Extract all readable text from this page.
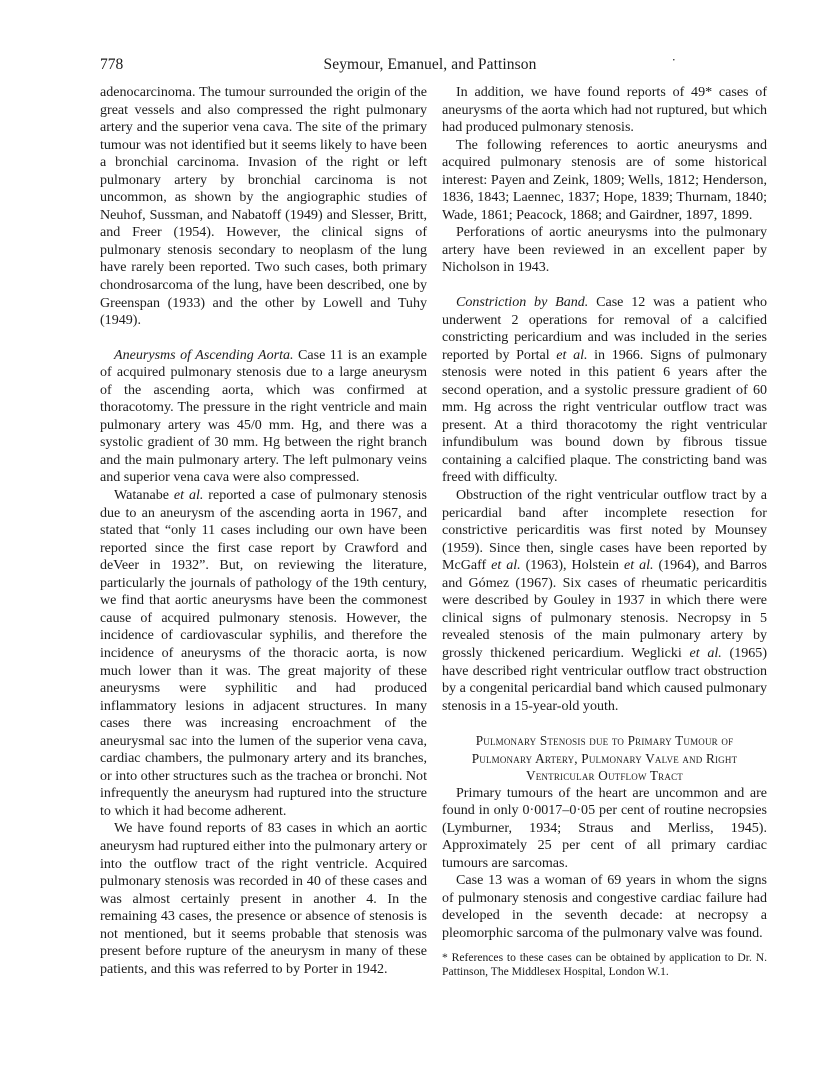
778	Seymour, Emanuel, and Pattinson	·

adenocarcinoma. The tumour surrounded the origin of the great vessels and also compressed the right pulmonary artery and the superior vena cava. The site of the primary tumour was not identified but it seems likely to have been a bronchial carcinoma. Invasion of the right or left pulmonary artery by bronchial carcinoma is not uncommon, as shown by the angiographic studies of Neuhof, Sussman, and Nabatoff (1949) and Slesser, Britt, and Freer (1954). However, the clinical signs of pulmonary stenosis secondary to neoplasm of the lung have rarely been reported. Two such cases, both primary chondrosarcoma of the lung, have been described, one by Greenspan (1933) and the other by Lowell and Tuhy (1949).

Aneurysms of Ascending Aorta. Case 11 is an example of acquired pulmonary stenosis due to a large aneurysm of the ascending aorta, which was confirmed at thoracotomy. The pressure in the right ventricle and main pulmonary artery was 45/0 mm. Hg, and there was a systolic gradient of 30 mm. Hg between the right branch and the main pulmonary artery. The left pulmonary veins and superior vena cava were also compressed.

Watanabe et al. reported a case of pulmonary stenosis due to an aneurysm of the ascending aorta in 1967, and stated that “only 11 cases including our own have been reported since the first case report by Crawford and deVeer in 1932”. But, on reviewing the literature, particularly the journals of pathology of the 19th century, we find that aortic aneurysms have been the commonest cause of acquired pulmonary stenosis. However, the incidence of cardiovascular syphilis, and therefore the incidence of aneurysms of the thoracic aorta, is now much lower than it was. The great majority of these aneurysms were syphilitic and had produced inflammatory lesions in adjacent structures. In many cases there was increasing encroachment of the aneurysmal sac into the lumen of the superior vena cava, cardiac chambers, the pulmonary artery and its branches, or into other structures such as the trachea or bronchi. Not infrequently the aneurysm had ruptured into the structure to which it had become adherent.

We have found reports of 83 cases in which an aortic aneurysm had ruptured either into the pulmonary artery or into the outflow tract of the right ventricle. Acquired pulmonary stenosis was recorded in 40 of these cases and was almost certainly present in another 4. In the remaining 43 cases, the presence or absence of stenosis is not mentioned, but it seems probable that stenosis was present before rupture of the aneurysm in many of these patients, and this was referred to by Porter in 1942.

In addition, we have found reports of 49* cases of aneurysms of the aorta which had not ruptured, but which had produced pulmonary stenosis.

The following references to aortic aneurysms and acquired pulmonary stenosis are of some historical interest: Payen and Zeink, 1809; Wells, 1812; Henderson, 1836, 1843; Laennec, 1837; Hope, 1839; Thurnam, 1840; Wade, 1861; Peacock, 1868; and Gairdner, 1897, 1899.

Perforations of aortic aneurysms into the pulmonary artery have been reviewed in an excellent paper by Nicholson in 1943.

Constriction by Band. Case 12 was a patient who underwent 2 operations for removal of a calcified constricting pericardium and was included in the series reported by Portal et al. in 1966. Signs of pulmonary stenosis were noted in this patient 6 years after the second operation, and a systolic pressure gradient of 60 mm. Hg across the right ventricular outflow tract was present. At a third thoracotomy the right ventricular infundibulum was bound down by fibrous tissue containing a calcified plaque. The constricting band was freed with difficulty.

Obstruction of the right ventricular outflow tract by a pericardial band after incomplete resection for constrictive pericarditis was first noted by Mounsey (1959). Since then, single cases have been reported by McGaff et al. (1963), Holstein et al. (1964), and Barros and Gómez (1967). Six cases of rheumatic pericarditis were described by Gouley in 1937 in which there were clinical signs of pulmonary stenosis. Necropsy in 5 revealed stenosis of the main pulmonary artery by grossly thickened pericardium. Weglicki et al. (1965) have described right ventricular outflow tract obstruction by a congenital pericardial band which caused pulmonary stenosis in a 15-year-old youth.

Pulmonary Stenosis due to Primary Tumour of

Pulmonary Artery, Pulmonary Valve and Right

Ventricular Outflow Tract

Primary tumours of the heart are uncommon and are found in only 0·0017–0·05 per cent of routine necropsies (Lymburner, 1934; Straus and Merliss, 1945). Approximately 25 per cent of all primary cardiac tumours are sarcomas.

Case 13 was a woman of 69 years in whom the signs of pulmonary stenosis and congestive cardiac failure had developed in the seventh decade: at necropsy a pleomorphic sarcoma of the pulmonary valve was found.

* References to these cases can be obtained by application to Dr. N. Pattinson, The Middlesex Hospital, London W.1.
